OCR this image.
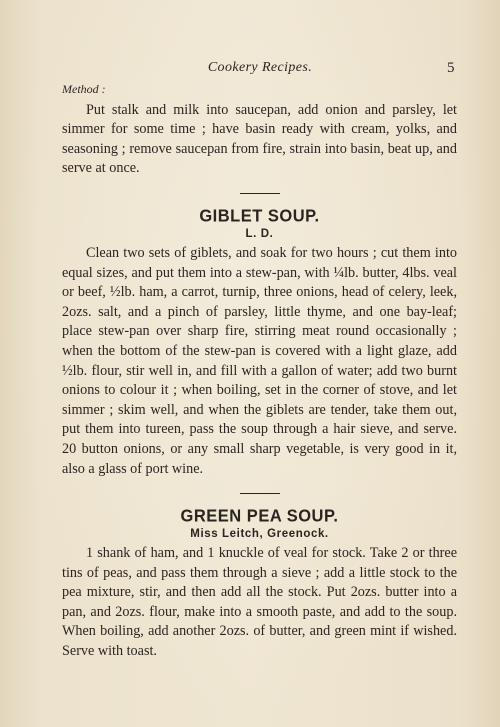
Cookery Recipes.	5
Method :

Put stalk and milk into saucepan, add onion and parsley, let simmer for some time ; have basin ready with cream, yolks, and seasoning ; remove saucepan from fire, strain into basin, beat up, and serve at once.

GIBLET SOUP.
L. D.

Clean two sets of giblets, and soak for two hours ; cut them into equal sizes, and put them into a stew-pan, with ¼lb. butter, 4lbs. veal or beef, ½lb. ham, a carrot, turnip, three onions, head of celery, leek, 2ozs. salt, and a pinch of parsley, little thyme, and one bay-leaf; place stew-pan over sharp fire, stirring meat round occasionally ; when the bottom of the stew-pan is covered with a light glaze, add ½lb. flour, stir well in, and fill with a gallon of water; add two burnt onions to colour it ; when boiling, set in the corner of stove, and let simmer ; skim well, and when the giblets are tender, take them out, put them into tureen, pass the soup through a hair sieve, and serve. 20 button onions, or any small sharp vegetable, is very good in it, also a glass of port wine.

GREEN PEA SOUP.
Miss Leitch, Greenock.

1 shank of ham, and 1 knuckle of veal for stock. Take 2 or three tins of peas, and pass them through a sieve ; add a little stock to the pea mixture, stir, and then add all the stock. Put 2ozs. butter into a pan, and 2ozs. flour, make into a smooth paste, and add to the soup. When boiling, add another 2ozs. of butter, and green mint if wished. Serve with toast.
